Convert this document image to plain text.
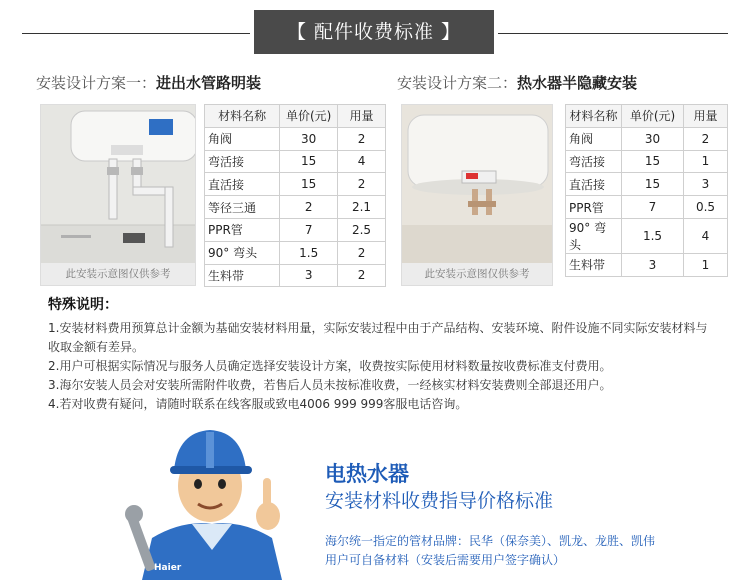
【 配件收费标准 】
安装设计方案一：进出水管路明装
此安装示意图仅供参考
材料名称	单价(元)	用量
角阀	30	2
弯活接	15	4
直活接	15	2
等径三通	2	2.1
PPR管	7	2.5
90° 弯头	1.5	2
生料带	3	2
安装设计方案二：热水器半隐藏安装
此安装示意图仅供参考
材料名称	单价(元)	用量
角阀	30	2
弯活接	15	1
直活接	15	3
PPR管	7	0.5
90° 弯头	1.5	4
生料带	3	1
特殊说明：

1.安装材料费用预算总计金额为基础安装材料用量，实际安装过程中由于产品结构、安装环境、附件设施不同实际安装材料与收取金额有差异。

2.用户可根据实际情况与服务人员确定选择安装设计方案，收费按实际使用材料数量按收费标准支付费用。

3.海尔安装人员会对安装所需附件收费，若售后人员未按标准收费，一经核实材料安装费则全部退还用户。

4.若对收费有疑问，请随时联系在线客服或致电4006 999 999客服电话咨询。

Haier
电热水器
安装材料收费指导价格标准
海尔统一指定的管材品牌：民华（保奈美）、凯龙、龙胜、凯伟
用户可自备材料（安装后需要用户签字确认）
